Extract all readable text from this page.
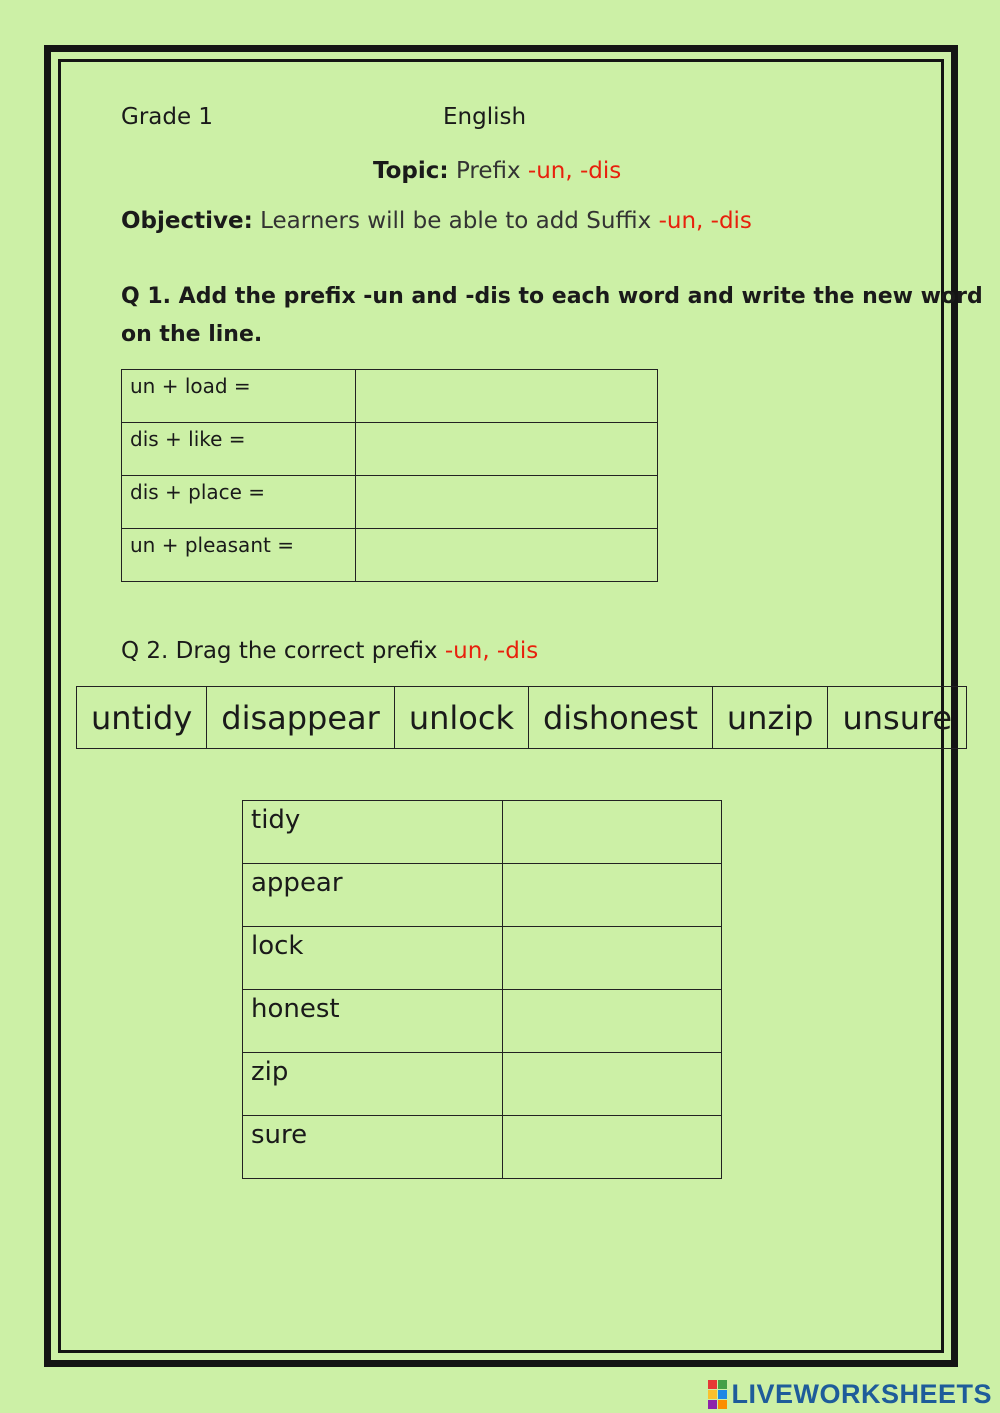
Grade 1	English
Topic: Prefix -un, -dis
Objective: Learners will be able to add Suffix -un, -dis
Q 1. Add the prefix -un and -dis to each word and write the new word
on the line.
un + load =	
dis + like =	
dis + place =	
un + pleasant =	
Q 2. Drag the correct prefix -un, -dis
untidy	disappear	unlock	dishonest	unzip	unsure
tidy	
appear	
lock	
honest	
zip	
sure	
LIVEWORKSHEETS
